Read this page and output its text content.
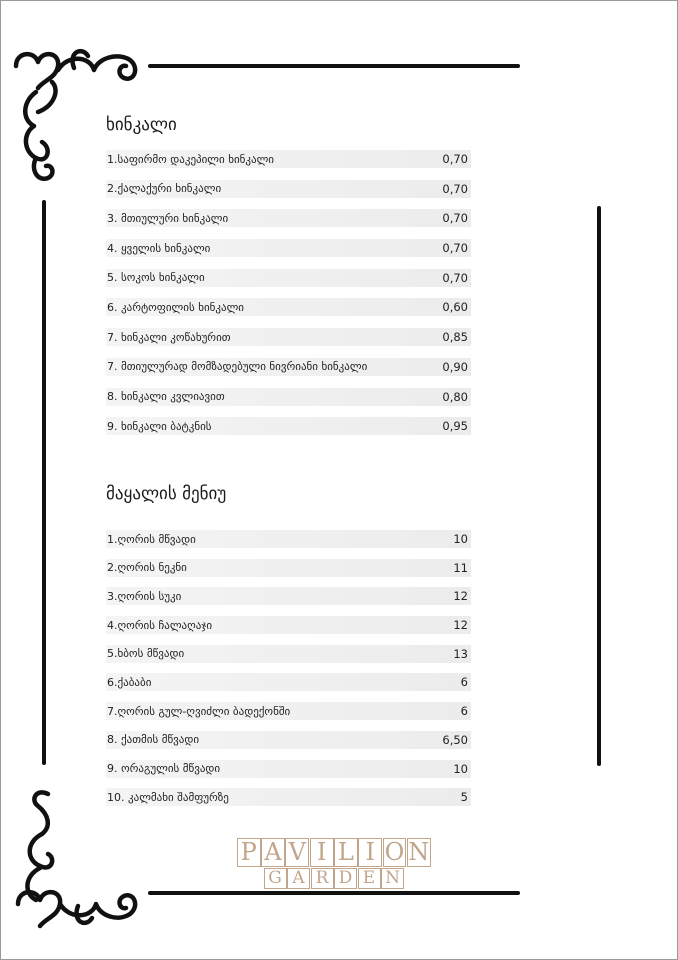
ხინკალი
1.საფირმო დაკეპილი ხინკალი	0,70
2.ქალაქური ხინკალი	0,70
3. მთიულური ხინკალი	0,70
4. ყველის ხინკალი	0,70
5. სოკოს ხინკალი	0,70
6. კარტოფილის ხინკალი	0,60
7. ხინკალი კოწახურით	0,85
7. მთიულურად მომზადებული ნივრიანი ხინკალი	0,90
8. ხინკალი კვლიავით	0,80
9. ხინკალი ბატკნის	0,95
მაყალის მენიუ
1.ღორის მწვადი	10
2.ღორის ნეკნი	11
3.ღორის სუკი	12
4.ღორის ჩალაღაჯი	12
5.ხბოს მწვადი	13
6.ქაბაბი	6
7.ღორის გულ-ღვიძლი ბადექონში	6
8. ქათმის მწვადი	6,50
9. ორაგულის მწვადი	10
10. კალმახი შამფურზე	5
P A V I L I O N
G A R D E N
